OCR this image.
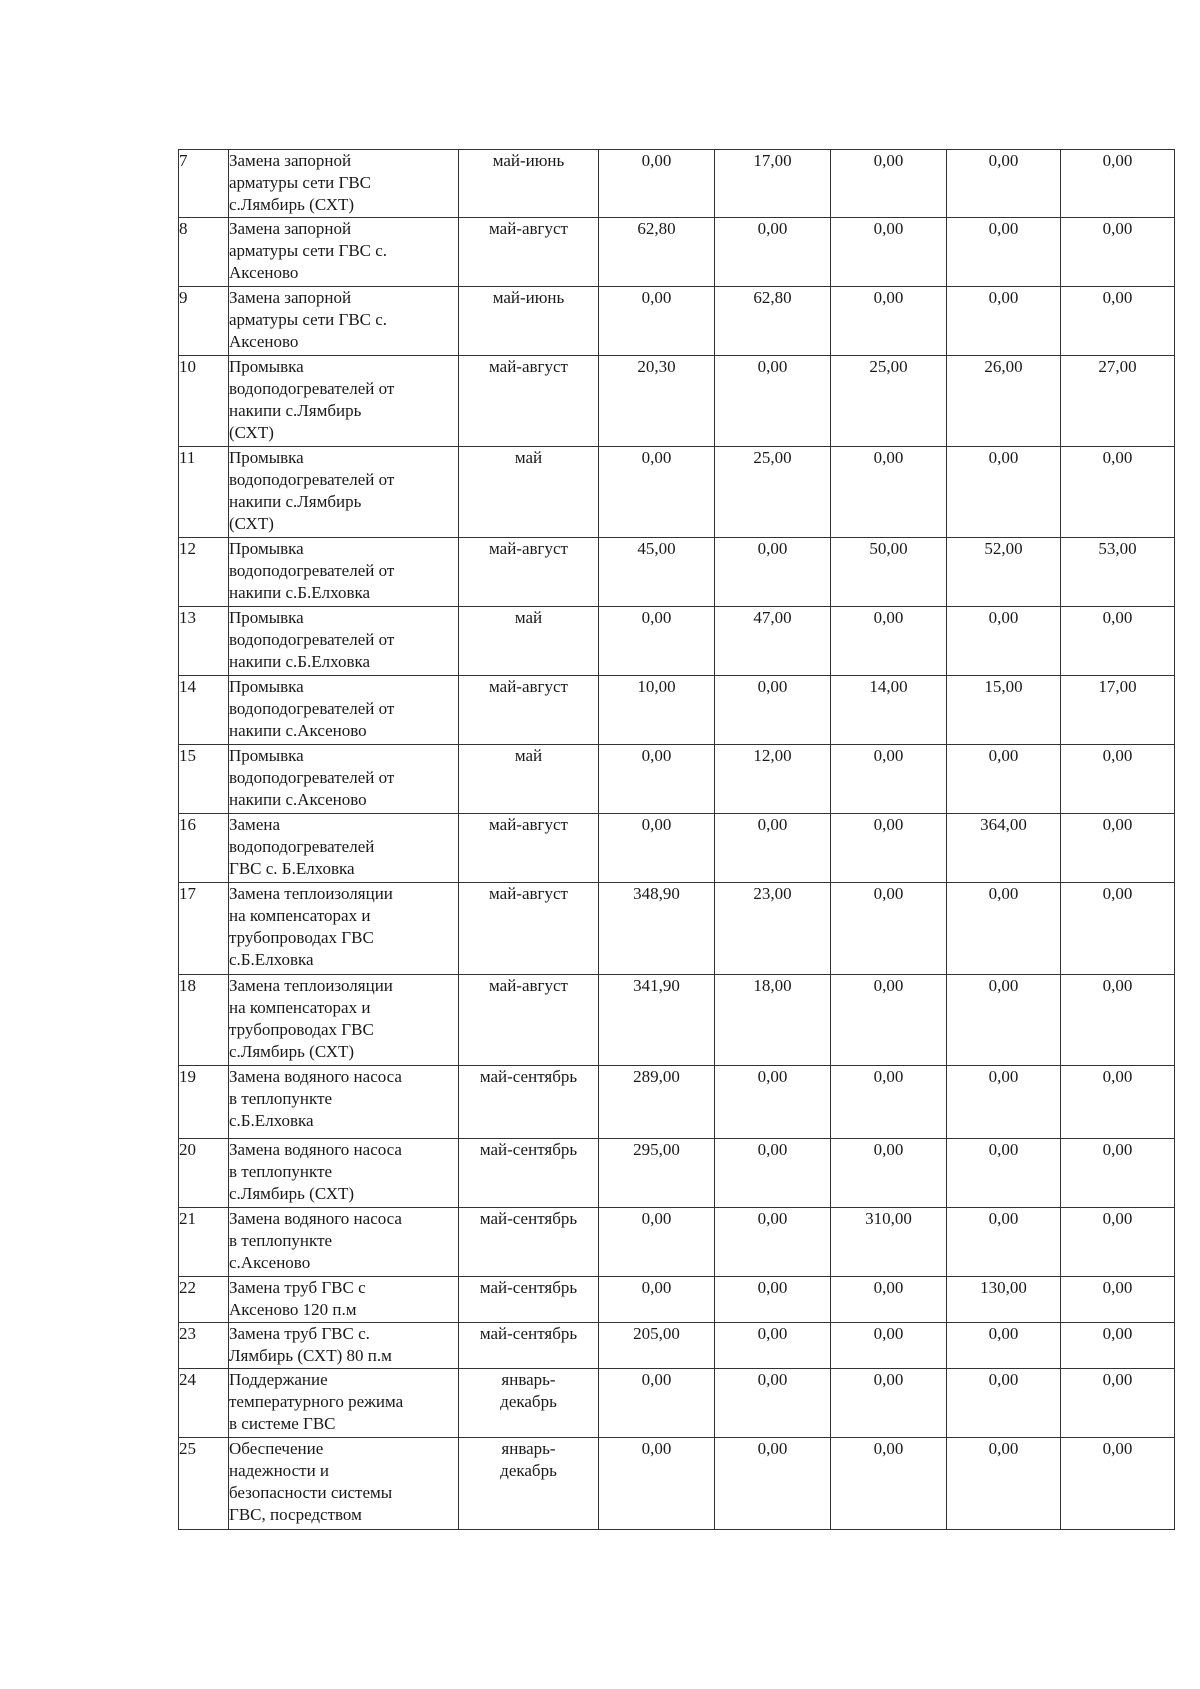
7	Замена запорной
арматуры сети ГВС
с.Лямбирь (СХТ)	май-июнь	0,00	17,00	0,00	0,00	0,00
8	Замена запорной
арматуры сети ГВС с.
Аксеново	май-август	62,80	0,00	0,00	0,00	0,00
9	Замена запорной
арматуры сети ГВС с.
Аксеново	май-июнь	0,00	62,80	0,00	0,00	0,00
10	Промывка
водоподогревателей от
накипи с.Лямбирь
(СХТ)	май-август	20,30	0,00	25,00	26,00	27,00
11	Промывка
водоподогревателей от
накипи с.Лямбирь
(СХТ)	май	0,00	25,00	0,00	0,00	0,00
12	Промывка
водоподогревателей от
накипи с.Б.Елховка	май-август	45,00	0,00	50,00	52,00	53,00
13	Промывка
водоподогревателей от
накипи с.Б.Елховка	май	0,00	47,00	0,00	0,00	0,00
14	Промывка
водоподогревателей от
накипи с.Аксеново	май-август	10,00	0,00	14,00	15,00	17,00
15	Промывка
водоподогревателей от
накипи с.Аксеново	май	0,00	12,00	0,00	0,00	0,00
16	Замена
водоподогревателей
ГВС с. Б.Елховка	май-август	0,00	0,00	0,00	364,00	0,00
17	Замена теплоизоляции
на компенсаторах и
трубопроводах ГВС
с.Б.Елховка	май-август	348,90	23,00	0,00	0,00	0,00
18	Замена теплоизоляции
на компенсаторах и
трубопроводах ГВС
с.Лямбирь (СХТ)	май-август	341,90	18,00	0,00	0,00	0,00
19	Замена водяного насоса
в теплопункте
с.Б.Елховка	май-сентябрь	289,00	0,00	0,00	0,00	0,00
20	Замена водяного насоса
в теплопункте
с.Лямбирь (СХТ)	май-сентябрь	295,00	0,00	0,00	0,00	0,00
21	Замена водяного насоса
в теплопункте
с.Аксеново	май-сентябрь	0,00	0,00	310,00	0,00	0,00
22	Замена труб ГВС с
Аксеново 120 п.м	май-сентябрь	0,00	0,00	0,00	130,00	0,00
23	Замена труб ГВС с.
Лямбирь (СХТ) 80 п.м	май-сентябрь	205,00	0,00	0,00	0,00	0,00
24	Поддержание
температурного режима
в системе ГВС	январь-
декабрь	0,00	0,00	0,00	0,00	0,00
25	Обеспечение
надежности и
безопасности системы
ГВС, посредством	январь-
декабрь	0,00	0,00	0,00	0,00	0,00
